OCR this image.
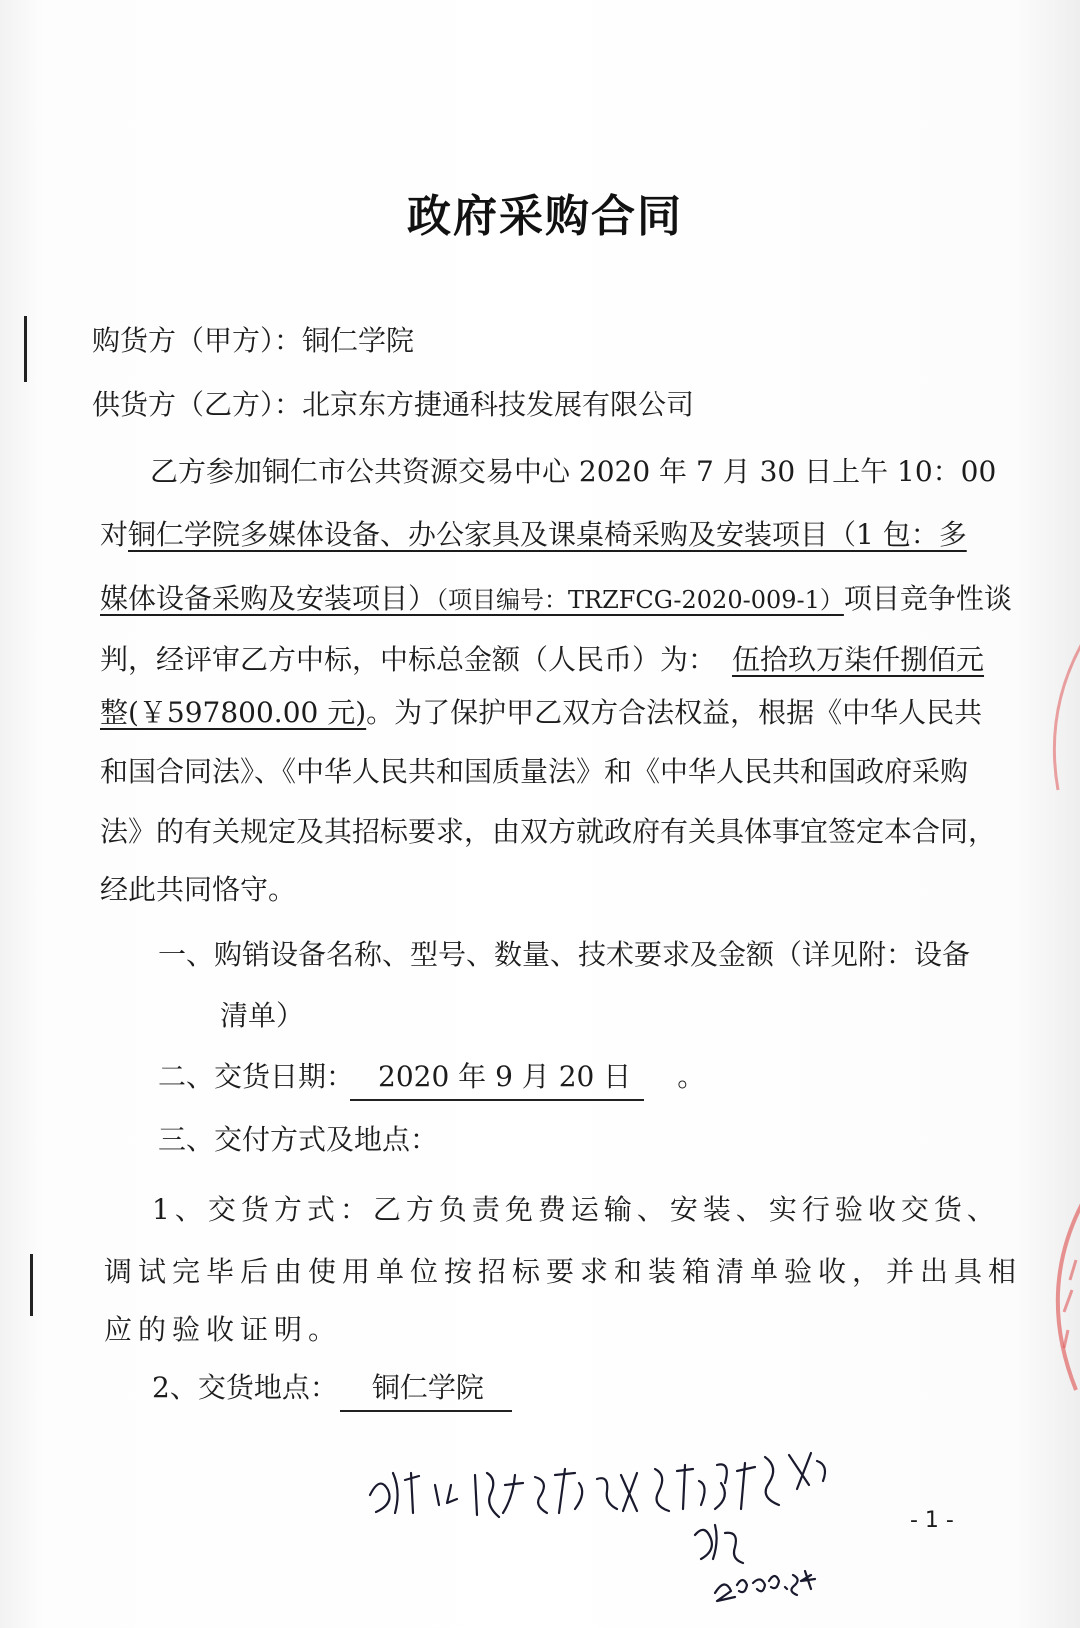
政府采购合同
购货方（甲方）：铜仁学院
供货方（乙方）：北京东方捷通科技发展有限公司
乙方参加铜仁市公共资源交易中心 2020 年 7 月 30 日上午 10：00
对铜仁学院多媒体设备、办公家具及课桌椅采购及安装项目（1 包：多
媒体设备采购及安装项目）（项目编号：TRZFCG-2020-009-1）项目竞争性谈
判，经评审乙方中标，中标总金额（人民币）为： 伍拾玖万柒仟捌佰元
整(￥597800.00 元)。为了保护甲乙双方合法权益，根据《中华人民共
和国合同法》、《中华人民共和国质量法》和《中华人民共和国政府采购
法》的有关规定及其招标要求，由双方就政府有关具体事宜签定本合同，
经此共同恪守。
一、购销设备名称、型号、数量、技术要求及金额（详见附：设备
清单）
二、交货日期： 2020 年 9 月 20 日 。
三、交付方式及地点：
1、交货方式：乙方负责免费运输、安装、实行验收交货、
调试完毕后由使用单位按招标要求和装箱清单验收，并出具相
应的验收证明。
2、交货地点： 铜仁学院
- 1 -
